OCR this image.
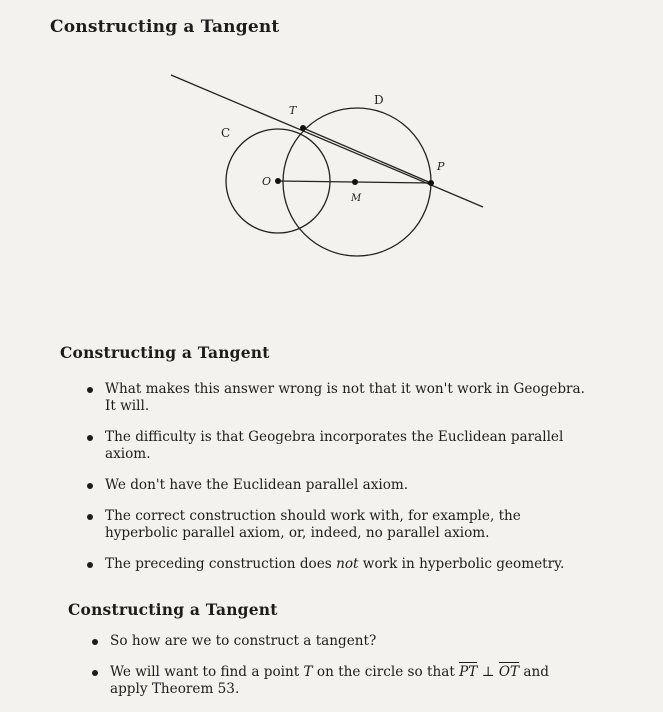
Constructing a Tangent
C
D
T
O
M
P
Constructing a Tangent
What makes this answer wrong is not that it won't work in Geogebra. It will.
The difficulty is that Geogebra incorporates the Euclidean parallel axiom.
We don't have the Euclidean parallel axiom.
The correct construction should work with, for example, the hyperbolic parallel axiom, or, indeed, no parallel axiom.
The preceding construction does not work in hyperbolic geometry.
Constructing a Tangent
So how are we to construct a tangent?
We will want to find a point T on the circle so that PT ⊥ OT and apply Theorem 53.
